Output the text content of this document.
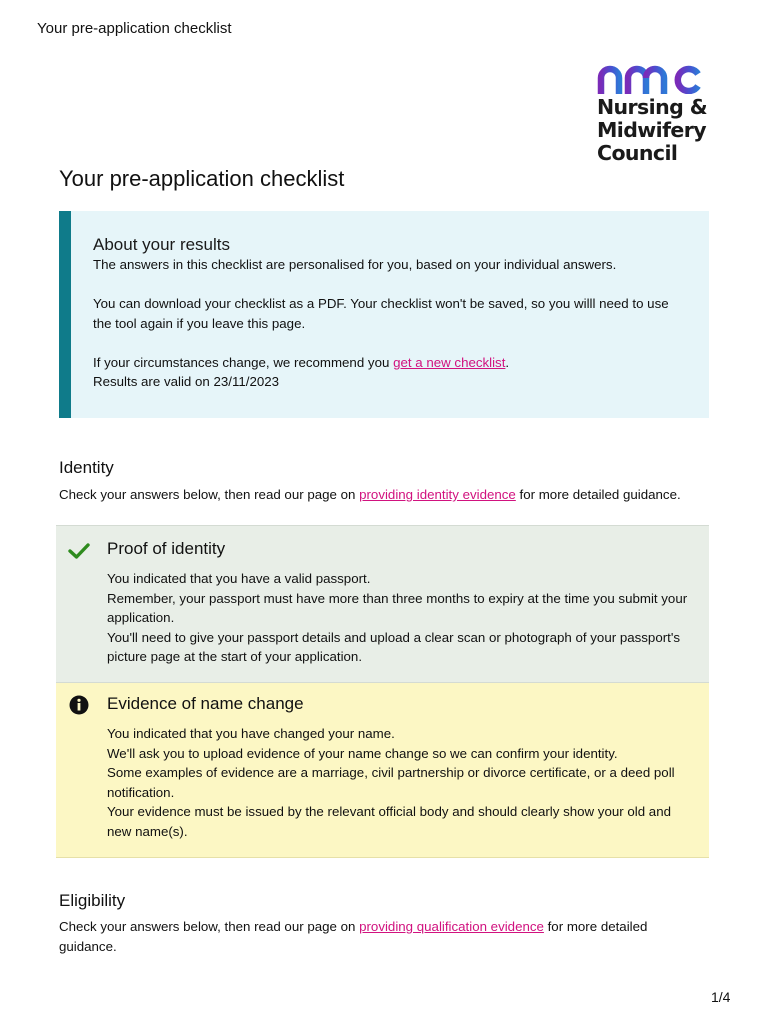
Your pre-application checklist
nmc
Nursing &
Midwifery
Council
Your pre-application checklist
About your results

The answers in this checklist are personalised for you, based on your individual answers.

You can download your checklist as a PDF. Your checklist won't be saved, so you willl need to use the tool again if you leave this page.

If your circumstances change, we recommend you get a new checklist.

Results are valid on 23/11/2023

Identity

Check your answers below, then read our page on providing identity evidence for more detailed guidance.

Proof of identity

You indicated that you have a valid passport.

Remember, your passport must have more than three months to expiry at the time you submit your application.

You'll need to give your passport details and upload a clear scan or photograph of your passport's picture page at the start of your application.

Evidence of name change

You indicated that you have changed your name.

We'll ask you to upload evidence of your name change so we can confirm your identity.

Some examples of evidence are a marriage, civil partnership or divorce certificate, or a deed poll notification.

Your evidence must be issued by the relevant official body and should clearly show your old and new name(s).

Eligibility

Check your answers below, then read our page on providing qualification evidence for more detailed guidance.

1/4
